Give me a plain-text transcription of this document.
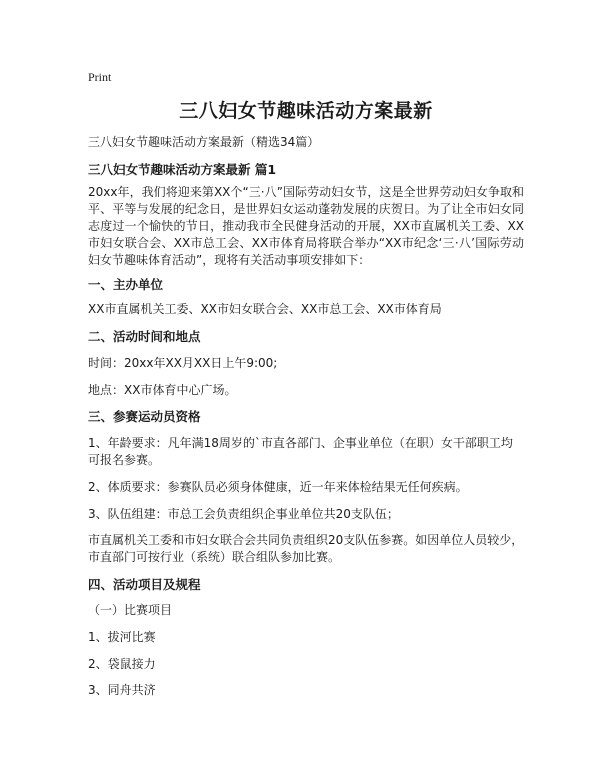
Print
三八妇女节趣味活动方案最新
三八妇女节趣味活动方案最新（精选34篇）
三八妇女节趣味活动方案最新 篇1
20xx年，我们将迎来第XX个“三·八”国际劳动妇女节，这是全世界劳动妇女争取和平、平等与发展的纪念日，是世界妇女运动蓬勃发展的庆贺日。为了让全市妇女同志度过一个愉快的节日，推动我市全民健身活动的开展，XX市直属机关工委、XX市妇女联合会、XX市总工会、XX市体育局将联合举办“XX市纪念‘三·八’国际劳动妇女节趣味体育活动”，现将有关活动事项安排如下：
一、主办单位
XX市直属机关工委、XX市妇女联合会、XX市总工会、XX市体育局
二、活动时间和地点
时间：20xx年XX月XX日上午9:00;
地点：XX市体育中心广场。
三、参赛运动员资格
1、年龄要求：凡年满18周岁的`市直各部门、企事业单位（在职）女干部职工均可报名参赛。
2、体质要求：参赛队员必须身体健康，近一年来体检结果无任何疾病。
3、队伍组建：市总工会负责组织企事业单位共20支队伍；
市直属机关工委和市妇女联合会共同负责组织20支队伍参赛。如因单位人员较少，市直部门可按行业（系统）联合组队参加比赛。
四、活动项目及规程
（一）比赛项目
1、拔河比赛
2、袋鼠接力
3、同舟共济
